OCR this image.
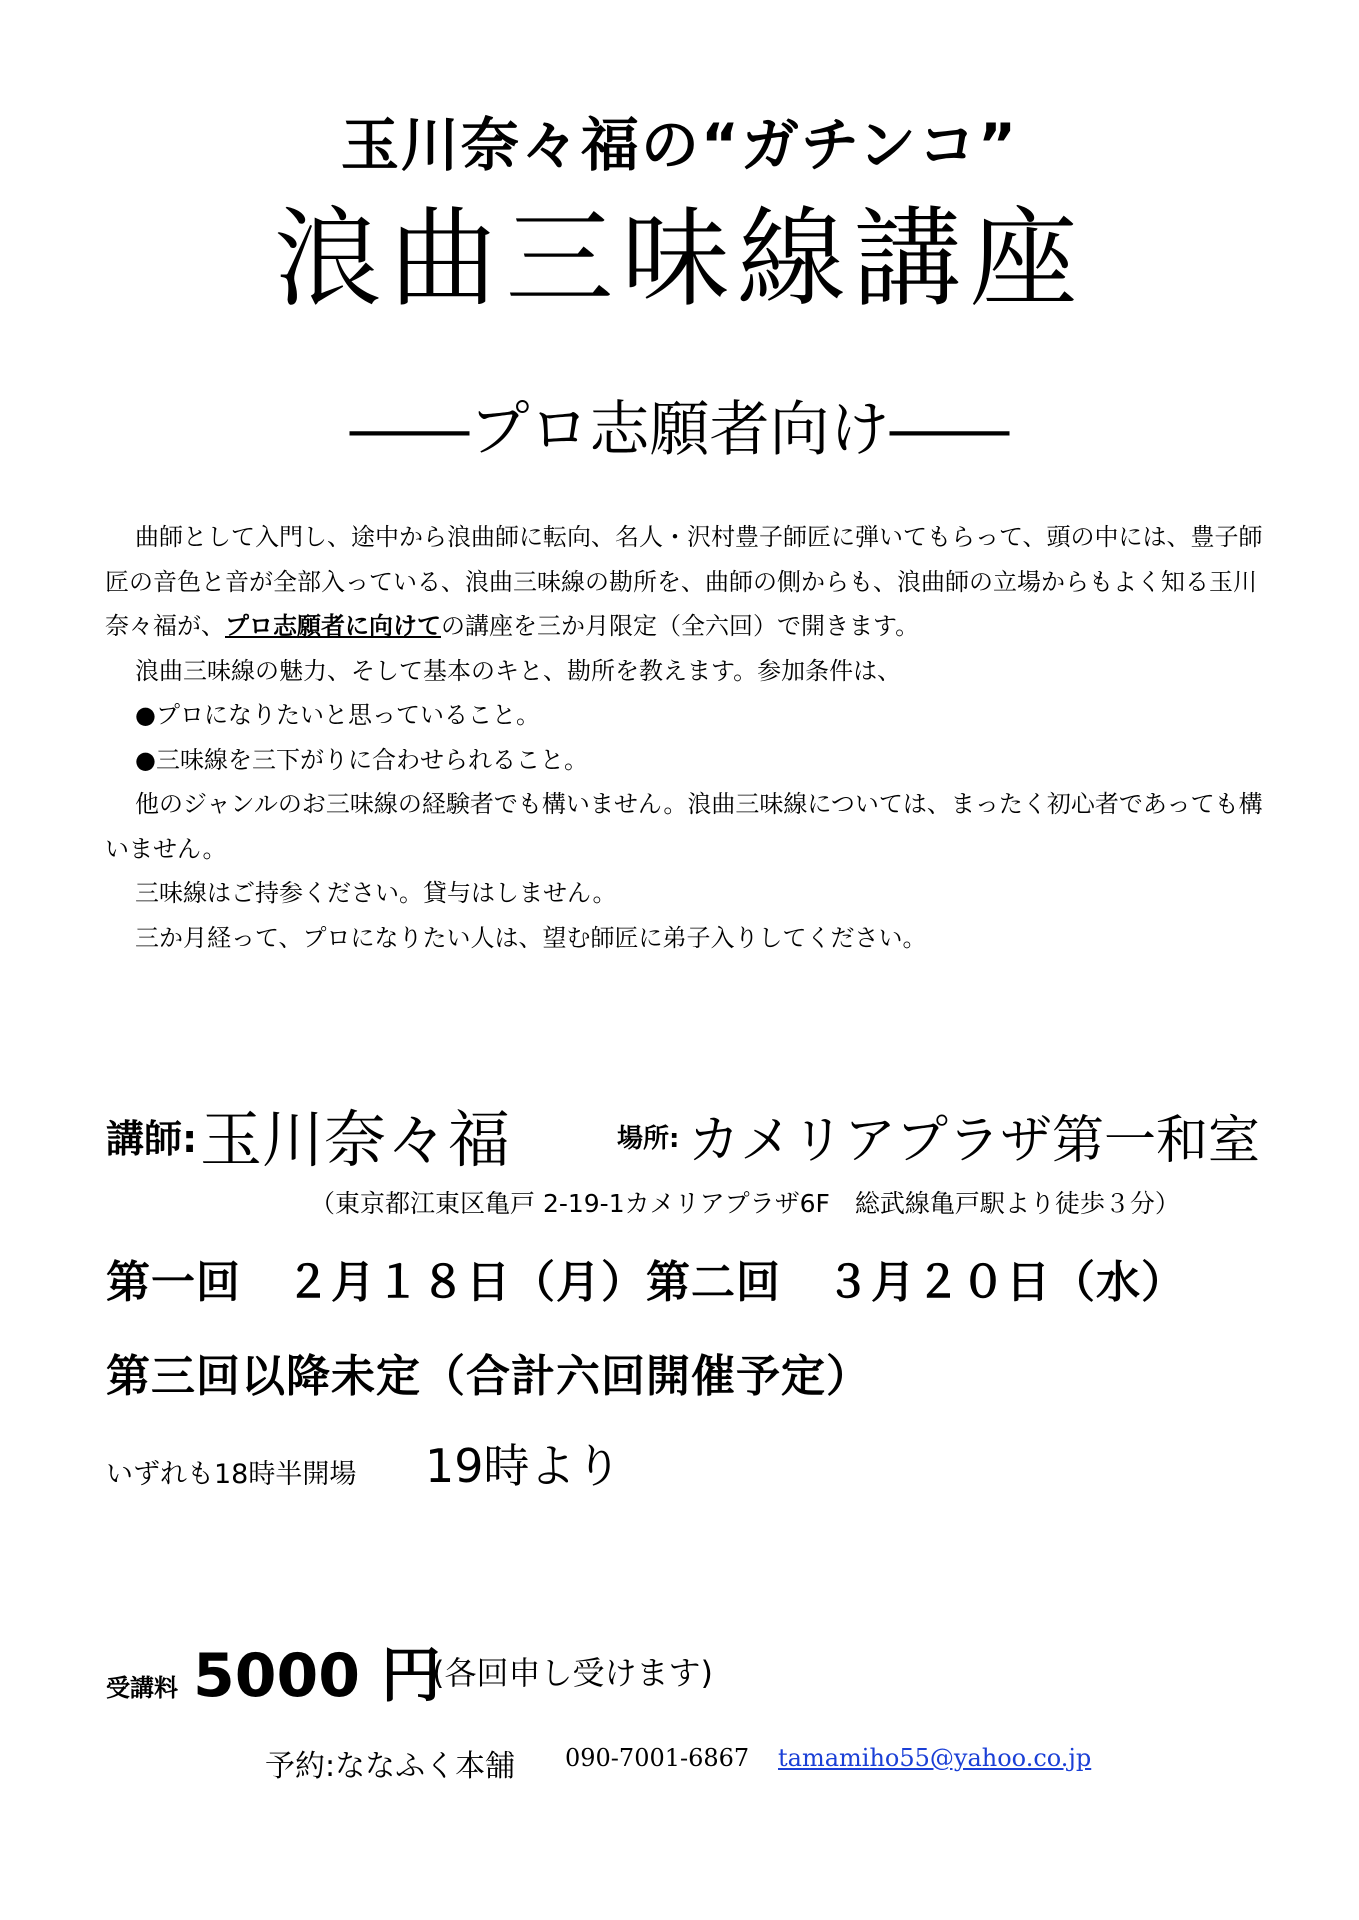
玉川奈々福の“ガチンコ”
浪曲三味線講座
――プロ志願者向け――

曲師として入門し、途中から浪曲師に転向、名人・沢村豊子師匠に弾いてもらって、頭の中には、豊子師匠の音色と音が全部入っている、浪曲三味線の勘所を、曲師の側からも、浪曲師の立場からもよく知る玉川奈々福が、プロ志願者に向けての講座を三か月限定（全六回）で開きます。

浪曲三味線の魅力、そして基本のキと、勘所を教えます。参加条件は、

●プロになりたいと思っていること。

●三味線を三下がりに合わせられること。

他のジャンルのお三味線の経験者でも構いません。浪曲三味線については、まったく初心者であっても構いません。

三味線はご持参ください。貸与はしません。

三か月経って、プロになりたい人は、望む師匠に弟子入りしてください。

講師: 玉川奈々福	場所: カメリアプラザ第一和室
（東京都江東区亀戸 2-19-1カメリアプラザ6F　総武線亀戸駅より徒歩３分）
第一回　２月１８日（月）第二回　３月２０日（水）
第三回以降未定（合計六回開催予定）
いずれも18時半開場 19時より
受講料 5000 円
(各回申し受けます)
予約:ななふく本舗 090-7001-6867 tamamiho55@yahoo.co.jp
